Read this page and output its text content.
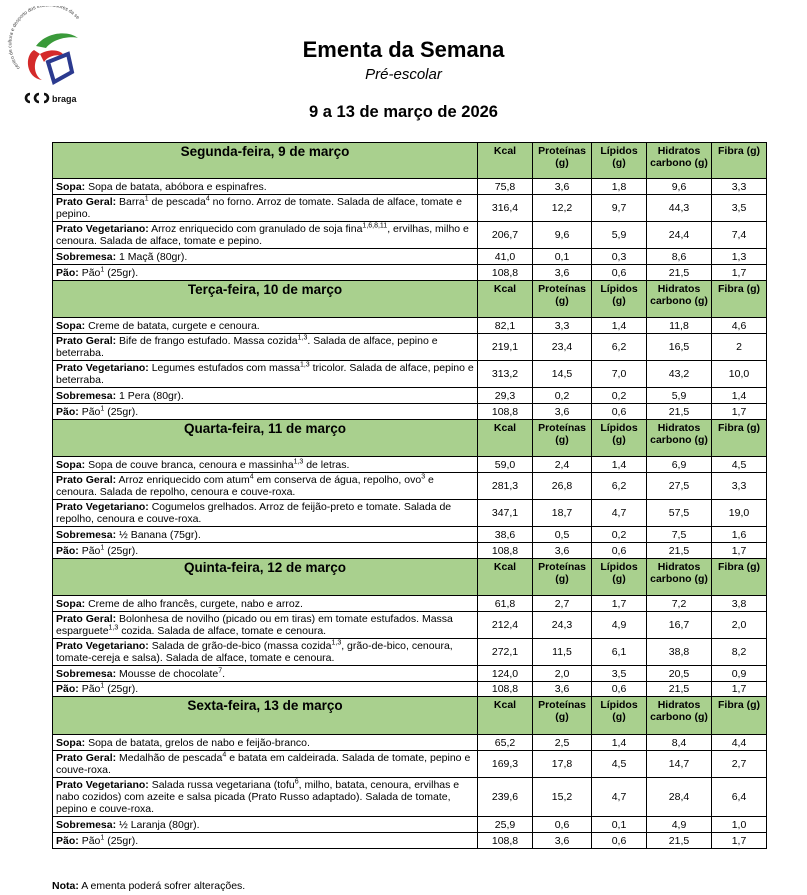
centro de cultura e desporto dos tra dores da se
braga
Ementa da Semana
Pré-escolar
9 a 13 de março de 2026
Segunda-feira, 9 de março	Kcal	Proteínas (g)	Lípidos (g)	Hidratos carbono (g)	Fibra (g)
Sopa: Sopa de batata, abóbora e espinafres.	75,8	3,6	1,8	9,6	3,3
Prato Geral: Barra$^1$ de pescada$^4$ no forno. Arroz de tomate. Salada de alface, tomate e pepino.	316,4	12,2	9,7	44,3	3,5
Prato Vegetariano: Arroz enriquecido com granulado de soja fina$^{1,6,8,11}$, ervilhas, milho e cenoura. Salada de alface, tomate e pepino.	206,7	9,6	5,9	24,4	7,4
Sobremesa: 1 Maçã (80gr).	41,0	0,1	0,3	8,6	1,3
Pão: Pão$^1$ (25gr).	108,8	3,6	0,6	21,5	1,7
Terça-feira, 10 de março	Kcal	Proteínas (g)	Lípidos (g)	Hidratos carbono (g)	Fibra (g)
Sopa: Creme de batata, curgete e cenoura.	82,1	3,3	1,4	11,8	4,6
Prato Geral: Bife de frango estufado. Massa cozida$^{1,3}$. Salada de alface, pepino e beterraba.	219,1	23,4	6,2	16,5	2
Prato Vegetariano: Legumes estufados com massa$^{1,3}$ tricolor. Salada de alface, pepino e beterraba.	313,2	14,5	7,0	43,2	10,0
Sobremesa: 1 Pera (80gr).	29,3	0,2	0,2	5,9	1,4
Pão: Pão$^1$ (25gr).	108,8	3,6	0,6	21,5	1,7
Quarta-feira, 11 de março	Kcal	Proteínas (g)	Lípidos (g)	Hidratos carbono (g)	Fibra (g)
Sopa: Sopa de couve branca, cenoura e massinha$^{1,3}$ de letras.	59,0	2,4	1,4	6,9	4,5
Prato Geral: Arroz enriquecido com atum$^4$ em conserva de água, repolho, ovo$^3$ e cenoura. Salada de repolho, cenoura e couve-roxa.	281,3	26,8	6,2	27,5	3,3
Prato Vegetariano: Cogumelos grelhados. Arroz de feijão-preto e tomate. Salada de repolho, cenoura e couve-roxa.	347,1	18,7	4,7	57,5	19,0
Sobremesa: ½ Banana (75gr).	38,6	0,5	0,2	7,5	1,6
Pão: Pão$^1$ (25gr).	108,8	3,6	0,6	21,5	1,7
Quinta-feira, 12 de março	Kcal	Proteínas (g)	Lípidos (g)	Hidratos carbono (g)	Fibra (g)
Sopa: Creme de alho francês, curgete, nabo e arroz.	61,8	2,7	1,7	7,2	3,8
Prato Geral: Bolonhesa de novilho (picado ou em tiras) em tomate estufados. Massa esparguete$^{1,3}$ cozida. Salada de alface, tomate e cenoura.	212,4	24,3	4,9	16,7	2,0
Prato Vegetariano: Salada de grão-de-bico (massa cozida$^{1,3}$, grão-de-bico, cenoura, tomate-cereja e salsa). Salada de alface, tomate e cenoura.	272,1	11,5	6,1	38,8	8,2
Sobremesa: Mousse de chocolate$^7$.	124,0	2,0	3,5	20,5	0,9
Pão: Pão$^1$ (25gr).	108,8	3,6	0,6	21,5	1,7
Sexta-feira, 13 de março	Kcal	Proteínas (g)	Lípidos (g)	Hidratos carbono (g)	Fibra (g)
Sopa: Sopa de batata, grelos de nabo e feijão-branco.	65,2	2,5	1,4	8,4	4,4
Prato Geral: Medalhão de pescada$^4$ e batata em caldeirada. Salada de tomate, pepino e couve-roxa.	169,3	17,8	4,5	14,7	2,7
Prato Vegetariano: Salada russa vegetariana (tofu$^6$, milho, batata, cenoura, ervilhas e nabo cozidos) com azeite e salsa picada (Prato Russo adaptado). Salada de tomate, pepino e couve-roxa.	239,6	15,2	4,7	28,4	6,4
Sobremesa: ½ Laranja (80gr).	25,9	0,6	0,1	4,9	1,0
Pão: Pão$^1$ (25gr).	108,8	3,6	0,6	21,5	1,7
Nota: A ementa poderá sofrer alterações.
